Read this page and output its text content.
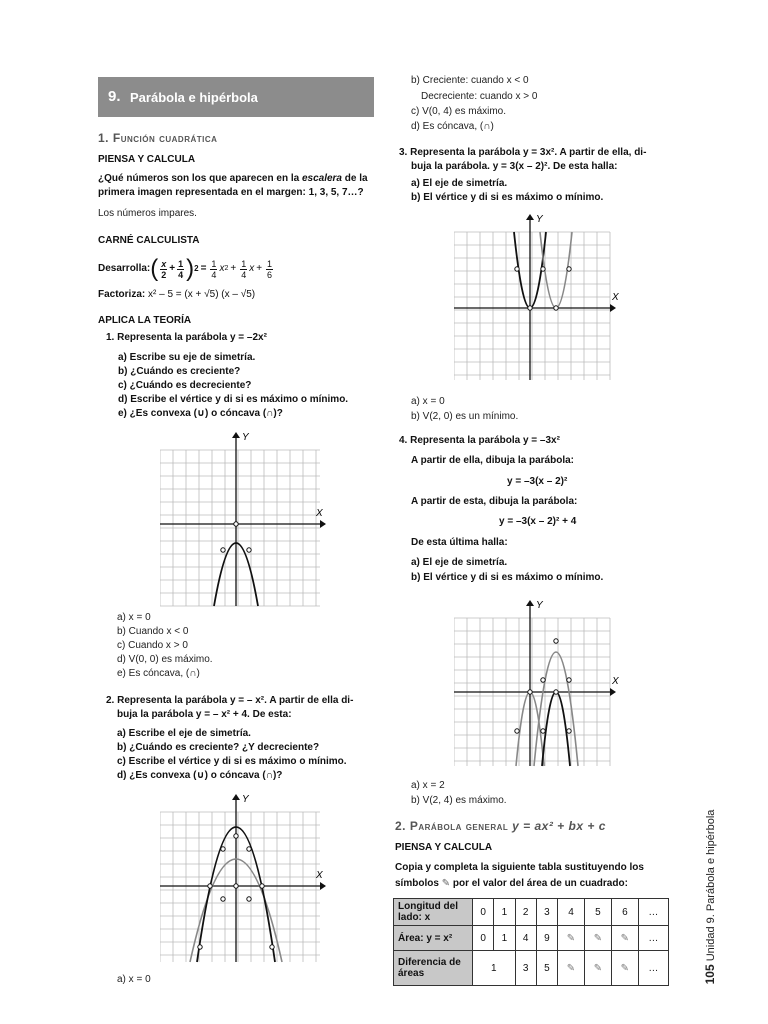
9. Parábola e hipérbola
1. Función cuadrática
PIENSA Y CALCULA
¿Qué números son los que aparecen en la escalera de la
primera imagen representada en el margen: 1, 3, 5, 7…?
Los números impares.
CARNÉ CALCULISTA
Desarrolla: ( $\frac{x}{2} + \frac{1}{4}$ ) $2 = \frac{1}{4}$ x $2 + \frac{1}{4}$ $x + \frac{1}{6}$
Factoriza: x² – 5 = (x + √5) (x – √5)
APLICA LA TEORÍA
1. Representa la parábola y = –2x²
a) Escribe su eje de simetría.
b) ¿Cuándo es creciente?
c) ¿Cuándo es decreciente?
d) Escribe el vértice y di si es máximo o mínimo.
e) ¿Es convexa (∪) o cóncava (∩)?
X
Y
a) x = 0
b) Cuando x < 0
c) Cuando x > 0
d) V(0, 0) es máximo.
e) Es cóncava, (∩)
2. Representa la parábola y = – x². A partir de ella di-
buja la parábola y = – x² + 4. De esta:
a) Escribe el eje de simetría.
b) ¿Cuándo es creciente? ¿Y decreciente?
c) Escribe el vértice y di si es máximo o mínimo.
d) ¿Es convexa (∪) o cóncava (∩)?
X
Y
a) x = 0
b) Creciente: cuando x < 0
Decreciente: cuando x > 0
c) V(0, 4) es máximo.
d) Es cóncava, (∩)
3. Representa la parábola y = 3x². A partir de ella, di-
buja la parábola. y = 3(x – 2)². De esta halla:
a) El eje de simetría.
b) El vértice y di si es máximo o mínimo.
X
Y
a) x = 0
b) V(2, 0) es un mínimo.
4. Representa la parábola y = –3x²
A partir de ella, dibuja la parábola:
y = –3(x – 2)²
A partir de esta, dibuja la parábola:
y = –3(x – 2)² + 4
De esta última halla:
a) El eje de simetría.
b) El vértice y di si es máximo o mínimo.
X
Y
a) x = 2
b) V(2, 4) es máximo.
2. Parábola general y = ax² + bx + c
PIENSA Y CALCULA
Copia y completa la siguiente tabla sustituyendo los
símbolos ✎ por el valor del área de un cuadrado:
Longitud del lado: x	0	1	2	3	4	5	6	…
Área: y = x²	0	1	4	9	✎	✎	✎	…
Diferencia de áreas	1		3	5	✎	✎	✎	…	105 Unidad 9. Parábola e hipérbola
